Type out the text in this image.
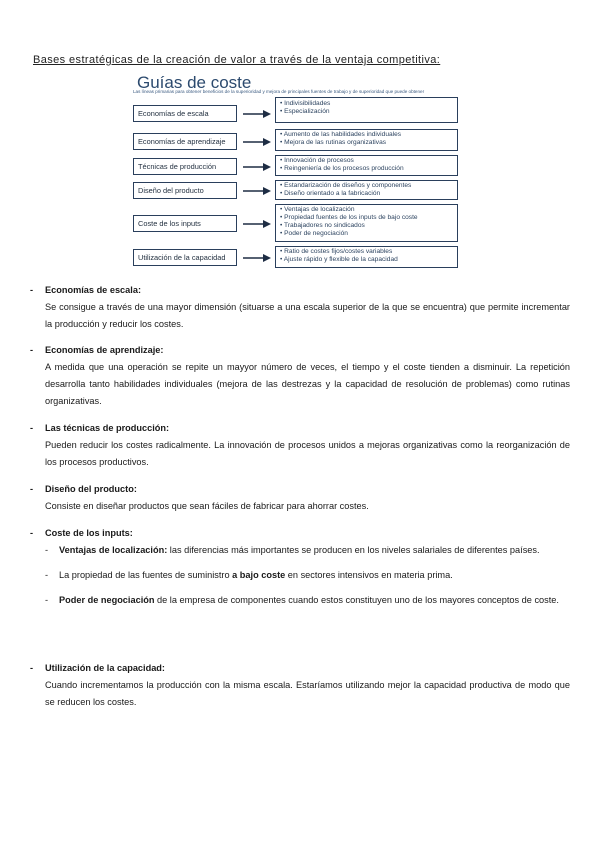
Bases estratégicas de la creación de valor a través de la ventaja competitiva:
Guías de coste
Las líneas primarias para obtener beneficios de la superioridad y mejora de principales fuentes de trabajo y de superioridad que puede obtener
Economías de escala
• Indivisibilidades
• Especialización
Economías de aprendizaje
• Aumento de las habilidades individuales
• Mejora de las rutinas organizativas
Técnicas de producción
• Innovación de procesos
• Reingeniería de los procesos producción
Diseño del producto
• Estandarización de diseños y componentes
• Diseño orientado a la fabricación
Coste de los inputs
• Ventajas de localización
• Propiedad fuentes de los inputs de bajo coste
• Trabajadores no sindicados
• Poder de negociación
Utilización de la capacidad
• Ratio de costes fijos/costes variables
• Ajuste rápido y flexible de la capacidad
- Economías de escala:

Se consigue a través de una mayor dimensión (situarse a una escala superior de la que se encuentra) que permite incrementar la producción y reducir los costes.

- Economías de aprendizaje:

A medida que una operación se repite un mayyor número de veces, el tiempo y el coste tienden a disminuir. La repetición desarrolla tanto habilidades individuales (mejora de las destrezas y la capacidad de resolución de problemas) como rutinas organizativas.

- Las técnicas de producción:

Pueden reducir los costes radicalmente. La innovación de procesos unidos a mejoras organizativas como la reorganización de los procesos productivos.

- Diseño del producto:

Consiste en diseñar productos que sean fáciles de fabricar para ahorrar costes.

- Coste de los inputs:
- Ventajas de localización: las diferencias más importantes se producen en los niveles salariales de diferentes países.

- La propiedad de las fuentes de suministro a bajo coste en sectores intensivos en materia prima.

- Poder de negociación de la empresa de componentes cuando estos constituyen uno de los mayores conceptos de coste.

- Utilización de la capacidad:

Cuando incrementamos la producción con la misma escala. Estaríamos utilizando mejor la capacidad productiva de modo que se reducen los costes.
